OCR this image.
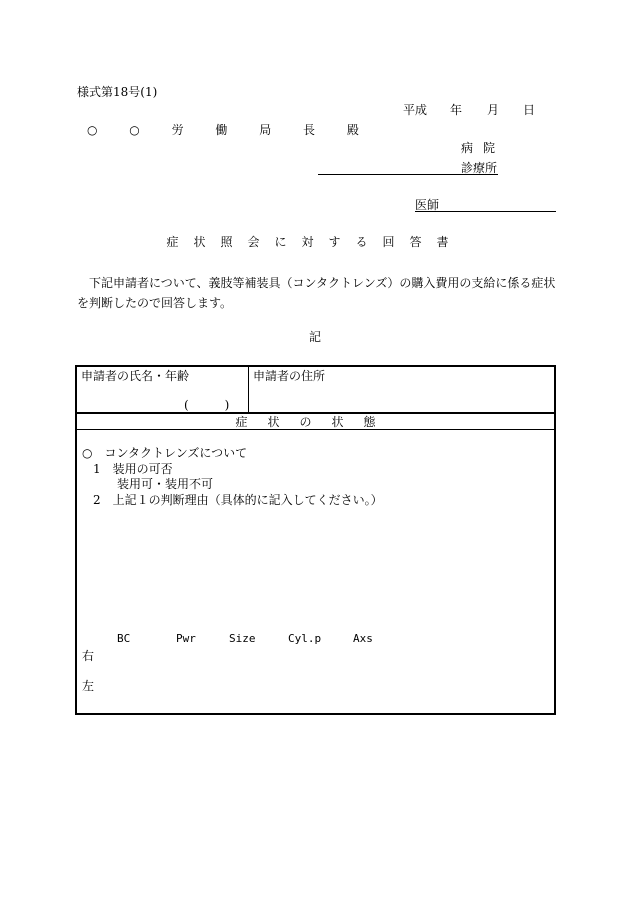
様式第18号(1)
平成 年 月 日
○ ○ 労 働 局 長 殿
病院
診療所
医師
症状照会に対する回答書
下記申請者について、義肢等補装具（コンタクトレンズ）の購入費用の支給に係る症状を判断したので回答します。
記
申請者の氏名・年齢
(　　　)
申請者の住所
症状の状態
○　コンタクトレンズについて
1　装用の可否
装用可・装用不可
2　上記１の判断理由（具体的に記入してください。）
BC	Pwr	Size	Cyl.p	Axs
右
左
